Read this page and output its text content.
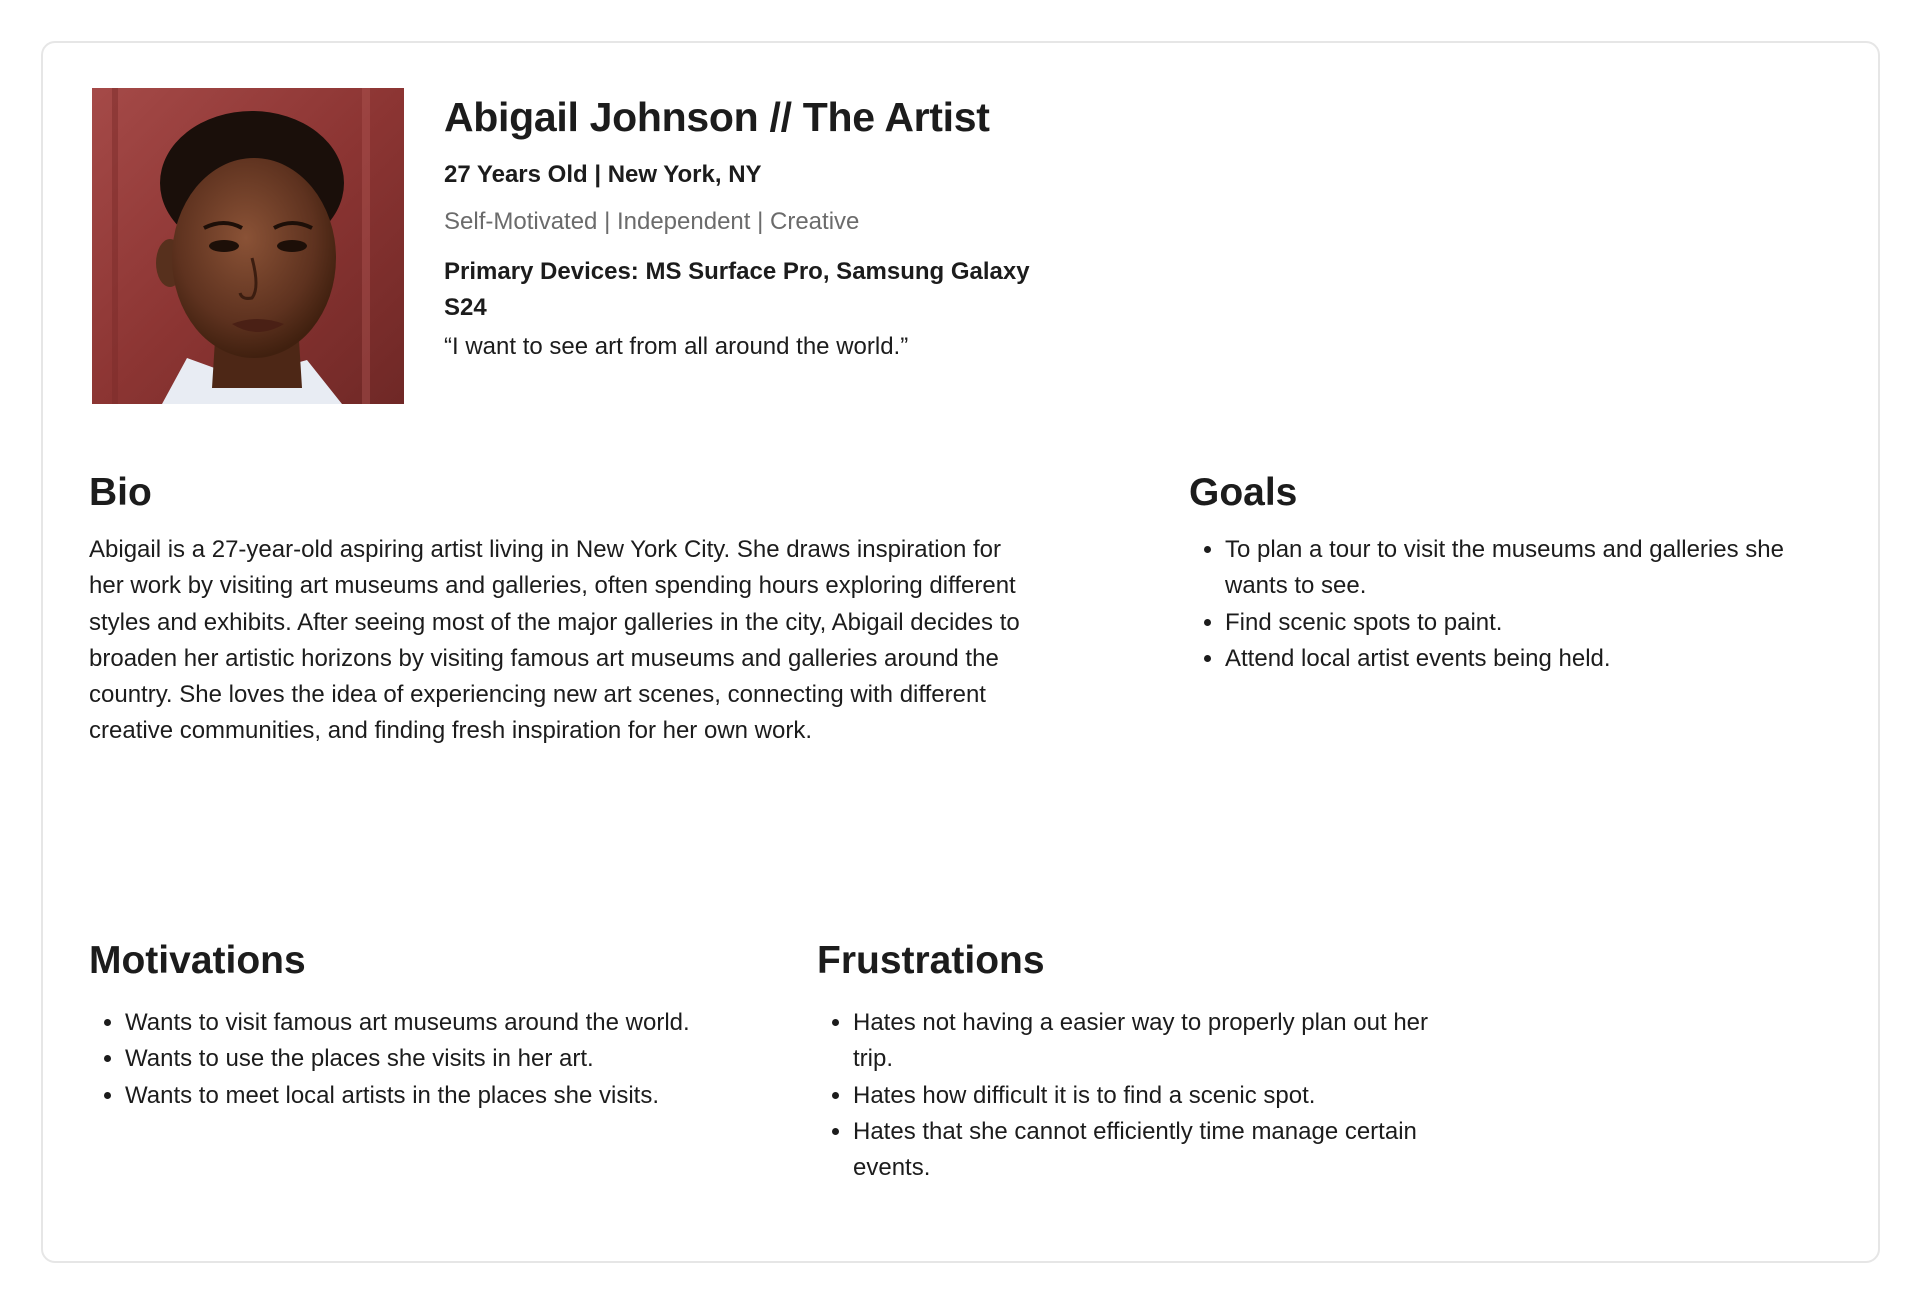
Abigail Johnson // The Artist
27 Years Old | New York, NY
Self-Motivated | Independent | Creative
Primary Devices: MS Surface Pro, Samsung Galaxy S24
“I want to see art from all around the world.”
Bio

Abigail is a 27-year-old aspiring artist living in New York City. She draws inspiration for her work by visiting art museums and galleries, often spending hours exploring different styles and exhibits. After seeing most of the major galleries in the city, Abigail decides to broaden her artistic horizons by visiting famous art museums and galleries around the country. She loves the idea of experiencing new art scenes, connecting with different creative communities, and finding fresh inspiration for her own work.

Goals
• To plan a tour to visit the museums and galleries she wants to see.
• Find scenic spots to paint.
• Attend local artist events being held.
Motivations
• Wants to visit famous art museums around the world.
• Wants to use the places she visits in her art.
• Wants to meet local artists in the places she visits.
Frustrations
• Hates not having a easier way to properly plan out her trip.
• Hates how difficult it is to find a scenic spot.
• Hates that she cannot efficiently time manage certain events.
